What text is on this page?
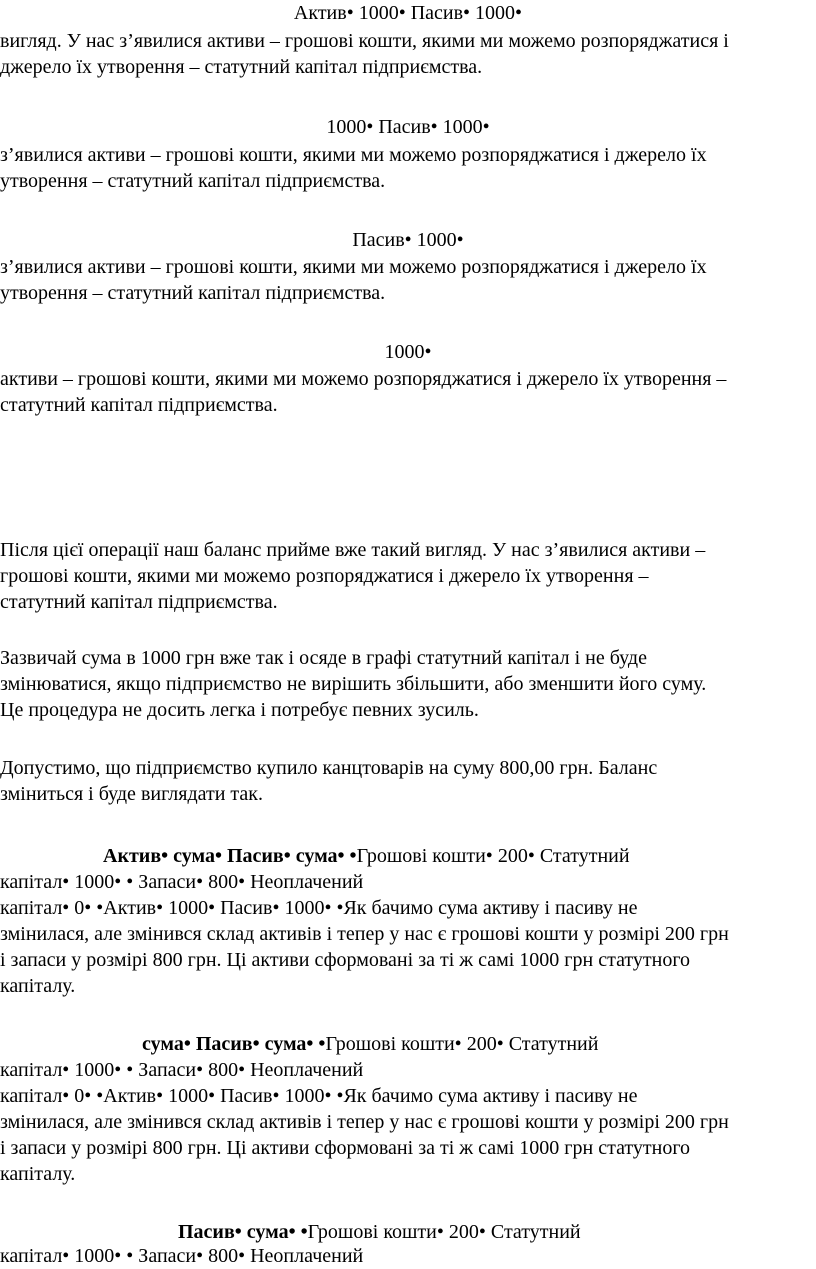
Актив• 1000• Пасив• 1000•
вигляд. У нас з’явилися активи – грошові кошти, якими ми можемо розпоряджатися і
джерело їх утворення – статутний капітал підприємства.
1000• Пасив• 1000•
з’явилися активи – грошові кошти, якими ми можемо розпоряджатися і джерело їх
утворення – статутний капітал підприємства.
Пасив• 1000•
з’явилися активи – грошові кошти, якими ми можемо розпоряджатися і джерело їх
утворення – статутний капітал підприємства.
1000•
активи – грошові кошти, якими ми можемо розпоряджатися і джерело їх утворення –
статутний капітал підприємства.
Після цієї операції наш баланс прийме вже такий вигляд. У нас з’явилися активи –
грошові кошти, якими ми можемо розпоряджатися і джерело їх утворення –
статутний капітал підприємства.
Зазвичай сума в 1000 грн вже так і осяде в графі статутний капітал і не буде
змінюватися, якщо підприємство не вирішить збільшити, або зменшити його суму.
Це процедура не досить легка і потребує певних зусиль.
Допустимо, що підприємство купило канцтоварів на суму 800,00 грн. Баланс
зміниться і буде виглядати так.
Актив• сума• Пасив• сума• •Грошові кошти• 200• Статутний
капітал• 1000• • Запаси• 800• Неоплачений
капітал• 0• •Актив• 1000• Пасив• 1000• •Як бачимо сума активу і пасиву не
змінилася, але змінився склад активів і тепер у нас є грошові кошти у розмірі 200 грн
і запаси у розмірі 800 грн. Ці активи сформовані за ті ж самі 1000 грн статутного
капіталу.
сума• Пасив• сума• •Грошові кошти• 200• Статутний
капітал• 1000• • Запаси• 800• Неоплачений
капітал• 0• •Актив• 1000• Пасив• 1000• •Як бачимо сума активу і пасиву не
змінилася, але змінився склад активів і тепер у нас є грошові кошти у розмірі 200 грн
і запаси у розмірі 800 грн. Ці активи сформовані за ті ж самі 1000 грн статутного
капіталу.
Пасив• сума• •Грошові кошти• 200• Статутний
капітал• 1000• • Запаси• 800• Неоплачений
